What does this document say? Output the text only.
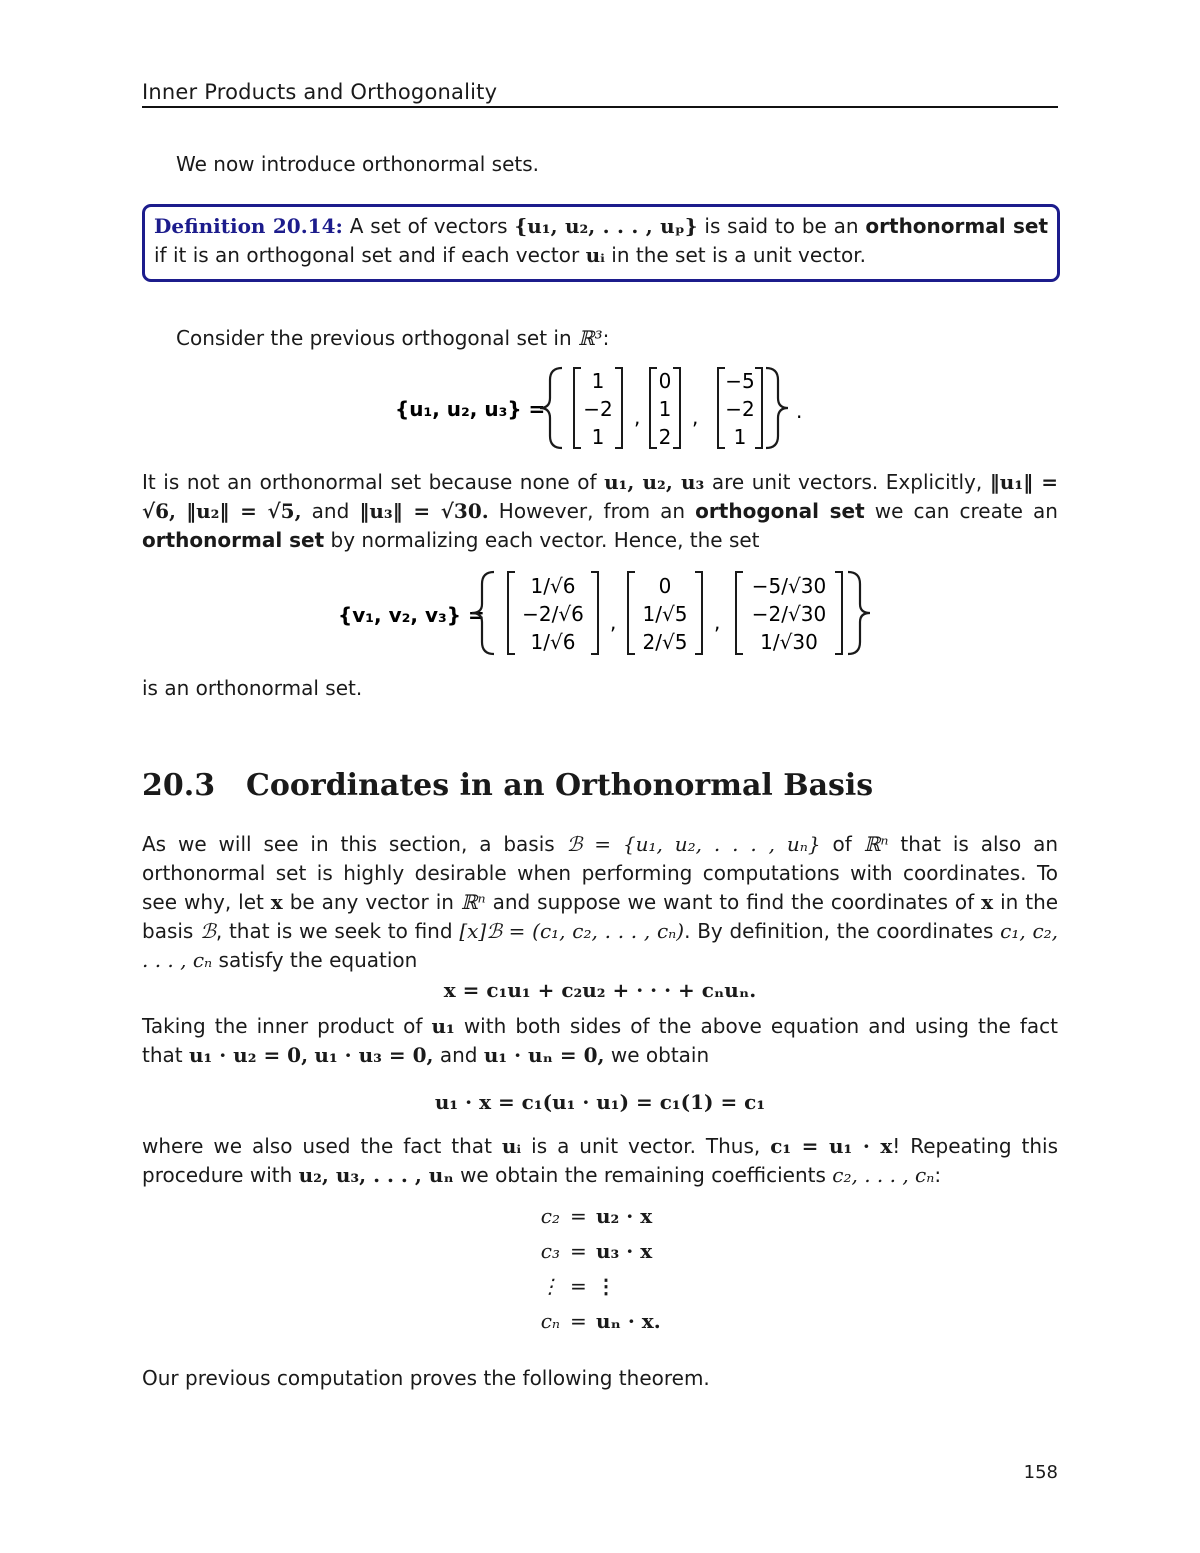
Inner Products and Orthogonality

We now introduce orthonormal sets.

Definition 20.14: A set of vectors {u₁, u₂, . . . , uₚ} is said to be an orthonormal set if it is an orthogonal set and if each vector uᵢ in the set is a unit vector.

Consider the previous orthogonal set in ℝ³:

{u₁, u₂, u₃} =
1
−2
1
,
0
1
2
,
−5
−2
1
.

It is not an orthonormal set because none of u₁, u₂, u₃ are unit vectors. Explicitly, ‖u₁‖ = √6, ‖u₂‖ = √5, and ‖u₃‖ = √30. However, from an orthogonal set we can create an orthonormal set by normalizing each vector. Hence, the set

{v₁, v₂, v₃} =
1/√6
−2/√6
1/√6
,
0
1/√5
2/√5
,
−5/√30
−2/√30
1/√30

is an orthonormal set.

20.3 Coordinates in an Orthonormal Basis

As we will see in this section, a basis ℬ = {u₁, u₂, . . . , uₙ} of ℝⁿ that is also an orthonormal set is highly desirable when performing computations with coordinates. To see why, let x be any vector in ℝⁿ and suppose we want to find the coordinates of x in the basis ℬ, that is we seek to find [x]ℬ = (c₁, c₂, . . . , cₙ). By definition, the coordinates c₁, c₂, . . . , cₙ satisfy the equation

x = c₁u₁ + c₂u₂ + · · · + cₙuₙ.

Taking the inner product of u₁ with both sides of the above equation and using the fact that u₁ · u₂ = 0, u₁ · u₃ = 0, and u₁ · uₙ = 0, we obtain

u₁ · x = c₁(u₁ · u₁) = c₁(1) = c₁

where we also used the fact that uᵢ is a unit vector. Thus, c₁ = u₁ · x! Repeating this procedure with u₂, u₃, . . . , uₙ we obtain the remaining coefficients c₂, . . . , cₙ:

c₂ = u₂ · x
c₃ = u₃ · x
⋮ = ⋮
cₙ = uₙ · x.

Our previous computation proves the following theorem.

158
